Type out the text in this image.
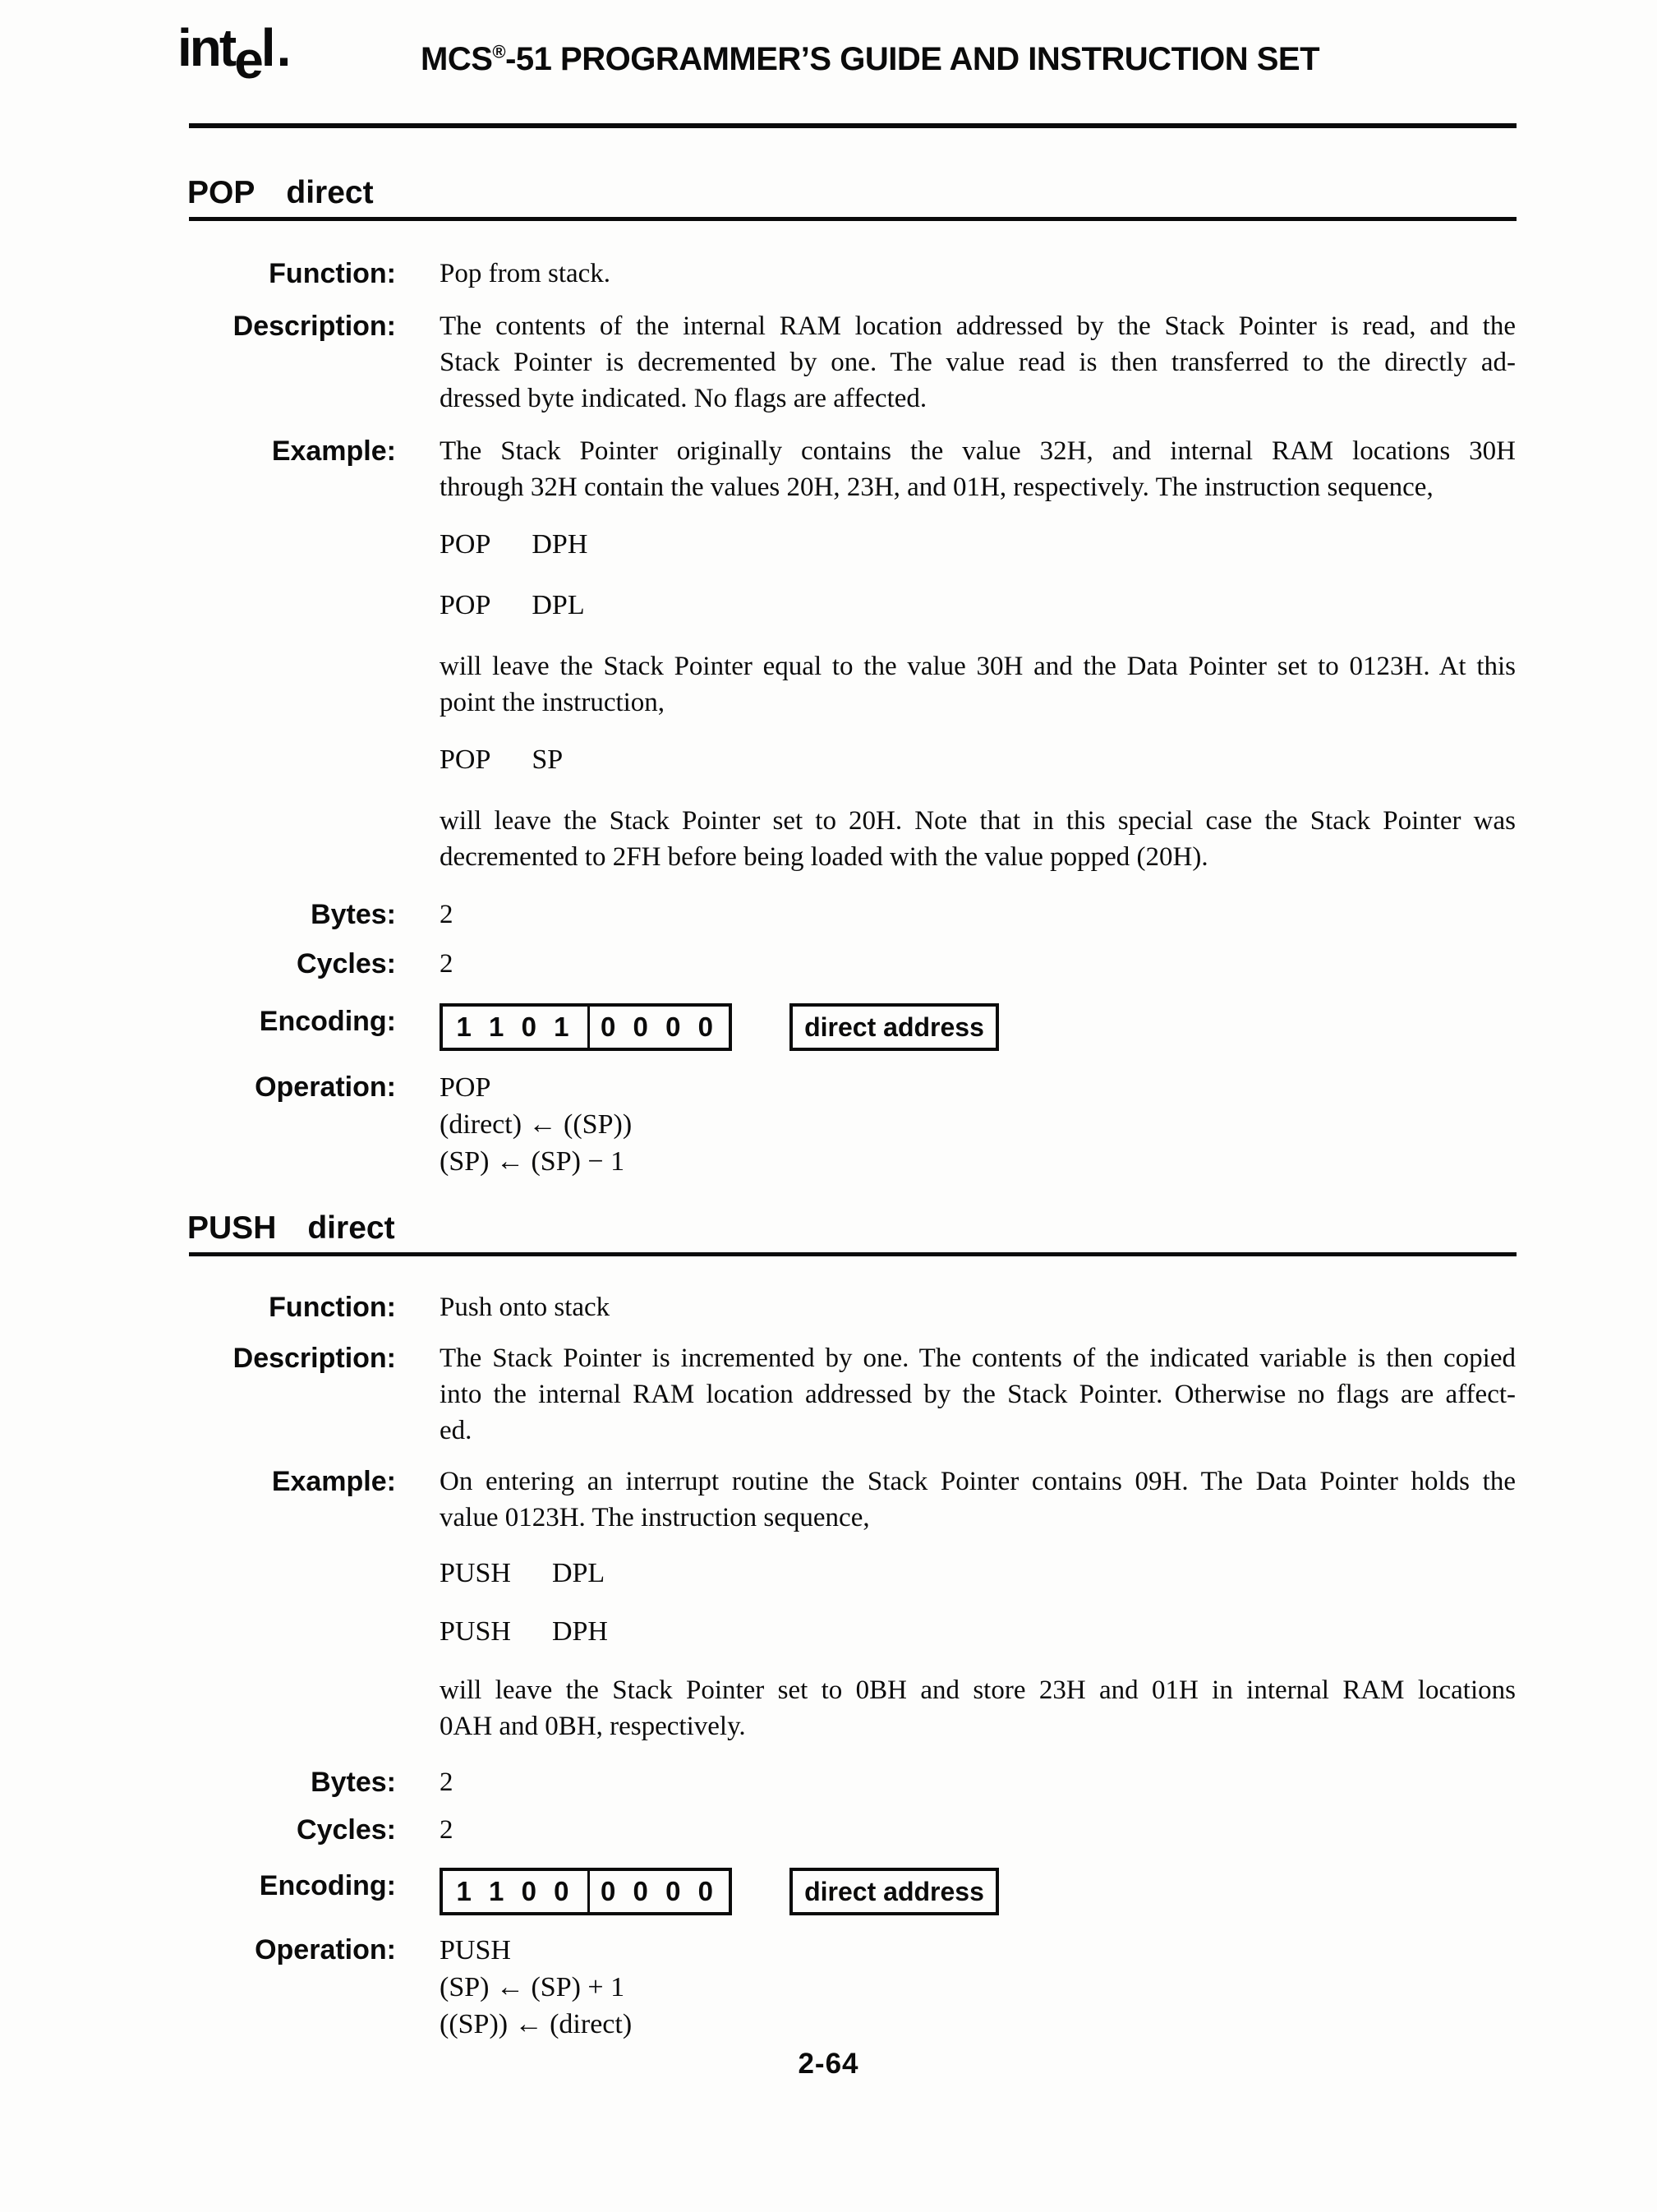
intel.	MCS®-51 PROGRAMMER’S GUIDE AND INSTRUCTION SET
POP direct
Function: Pop from stack.
Description: The contents of the internal RAM location addressed by the Stack Pointer is read, and the
Stack Pointer is decremented by one. The value read is then transferred to the directly ad-
dressed byte indicated. No flags are affected.
Example: The Stack Pointer originally contains the value 32H, and internal RAM locations 30H
through 32H contain the values 20H, 23H, and 01H, respectively. The instruction sequence,
POP DPH
POP DPL
will leave the Stack Pointer equal to the value 30H and the Data Pointer set to 0123H. At this
point the instruction,
POP SP
will leave the Stack Pointer set to 20H. Note that in this special case the Stack Pointer was
decremented to 2FH before being loaded with the value popped (20H).
Bytes: 2
Cycles: 2
Encoding:	1 1 0 1 0 0 0 0	direct address
Operation: POP
(direct) ← ((SP))
(SP) ← (SP) − 1
PUSH direct
Function: Push onto stack
Description: The Stack Pointer is incremented by one. The contents of the indicated variable is then copied
into the internal RAM location addressed by the Stack Pointer. Otherwise no flags are affect-
ed.
Example: On entering an interrupt routine the Stack Pointer contains 09H. The Data Pointer holds the
value 0123H. The instruction sequence,
PUSH DPL
PUSH DPH
will leave the Stack Pointer set to 0BH and store 23H and 01H in internal RAM locations
0AH and 0BH, respectively.
Bytes: 2
Cycles: 2
Encoding:	1 1 0 0 0 0 0 0	direct address
Operation: PUSH
(SP) ← (SP) + 1
((SP)) ← (direct)
2-64
